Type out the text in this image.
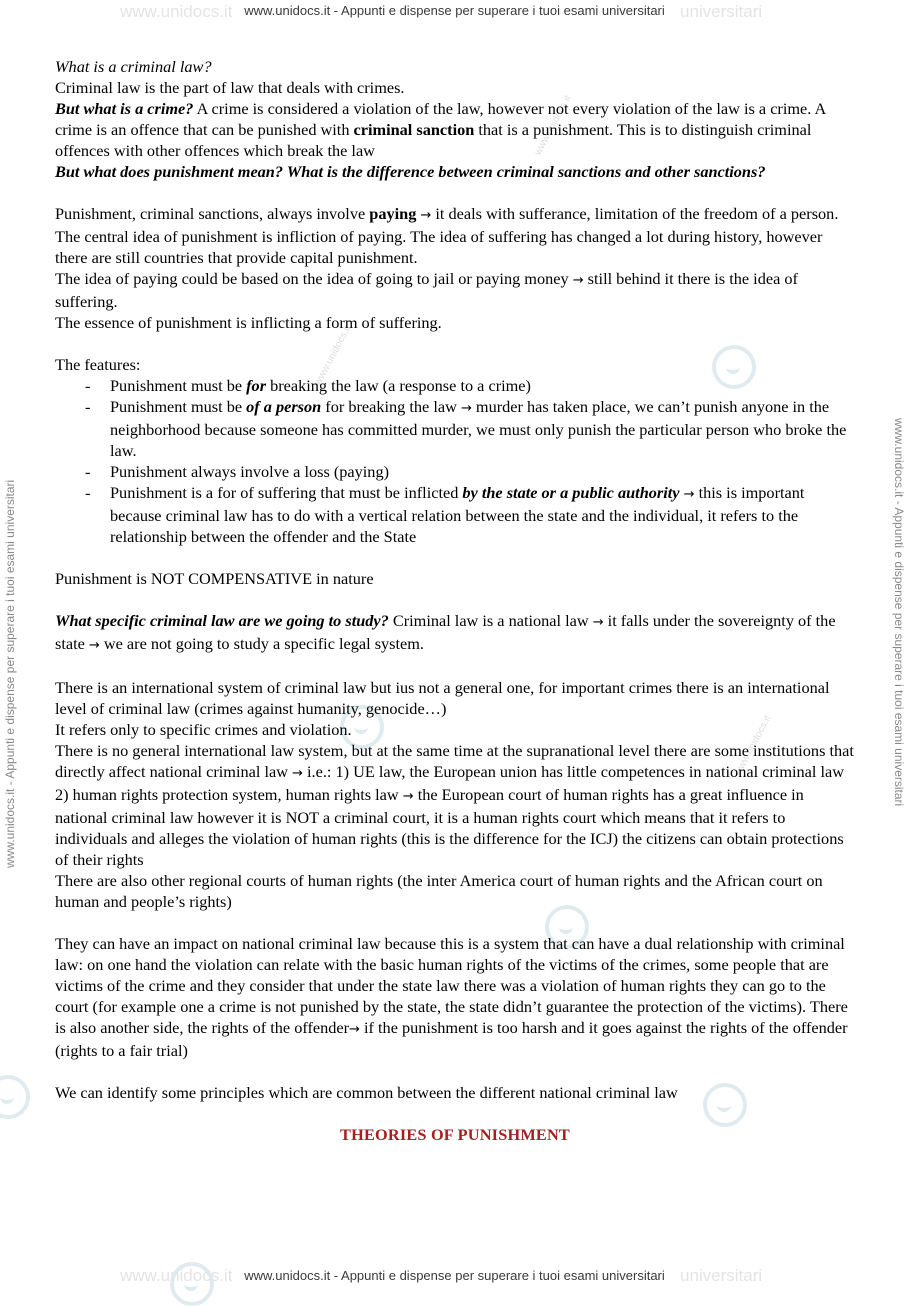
www.unidocs.it	universitari
www.unidocs.it - Appunti e dispense per superare i tuoi esami universitari
www.unidocs.it	universitari
www.unidocs.it - Appunti e dispense per superare i tuoi esami universitari
www.unidocs.it - Appunti e dispense per superare i tuoi esami universitari	www.unidocs.it - Appunti e dispense per superare i tuoi esami universitari
www.unidocs.it
www.unidocs.it
www.unidocs.it

What is a criminal law?

Criminal law is the part of law that deals with crimes.

But what is a crime? A crime is considered a violation of the law, however not every violation of the law is a crime. A crime is an offence that can be punished with criminal sanction that is a punishment. This is to distinguish criminal offences with other offences which break the law

But what does punishment mean? What is the difference between criminal sanctions and other sanctions?

Punishment, criminal sanctions, always involve paying → it deals with sufferance, limitation of the freedom of a person.

The central idea of punishment is infliction of paying. The idea of suffering has changed a lot during history, however there are still countries that provide capital punishment.

The idea of paying could be based on the idea of going to jail or paying money → still behind it there is the idea of suffering.

The essence of punishment is inflicting a form of suffering.

The features:

- Punishment must be for breaking the law (a response to a crime)
- Punishment must be of a person for breaking the law → murder has taken place, we can’t punish anyone in the neighborhood because someone has committed murder, we must only punish the particular person who broke the law.
- Punishment always involve a loss (paying)
- Punishment is a for of suffering that must be inflicted by the state or a public authority → this is important because criminal law has to do with a vertical relation between the state and the individual, it refers to the relationship between the offender and the State

Punishment is NOT COMPENSATIVE in nature

What specific criminal law are we going to study? Criminal law is a national law → it falls under the sovereignty of the state → we are not going to study a specific legal system.

There is an international system of criminal law but ius not a general one, for important crimes there is an international level of criminal law (crimes against humanity, genocide…)

It refers only to specific crimes and violation.

There is no general international law system, but at the same time at the supranational level there are some institutions that directly affect national criminal law → i.e.: 1) UE law, the European union has little competences in national criminal law

2) human rights protection system, human rights law → the European court of human rights has a great influence in national criminal law however it is NOT a criminal court, it is a human rights court which means that it refers to individuals and alleges the violation of human rights (this is the difference for the ICJ) the citizens can obtain protections of their rights

There are also other regional courts of human rights (the inter America court of human rights and the African court on human and people’s rights)

They can have an impact on national criminal law because this is a system that can have a dual relationship with criminal law: on one hand the violation can relate with the basic human rights of the victims of the crimes, some people that are victims of the crime and they consider that under the state law there was a violation of human rights they can go to the court (for example one a crime is not punished by the state, the state didn’t guarantee the protection of the victims). There is also another side, the rights of the offender→ if the punishment is too harsh and it goes against the rights of the offender (rights to a fair trial)

We can identify some principles which are common between the different national criminal law

THEORIES OF PUNISHMENT
